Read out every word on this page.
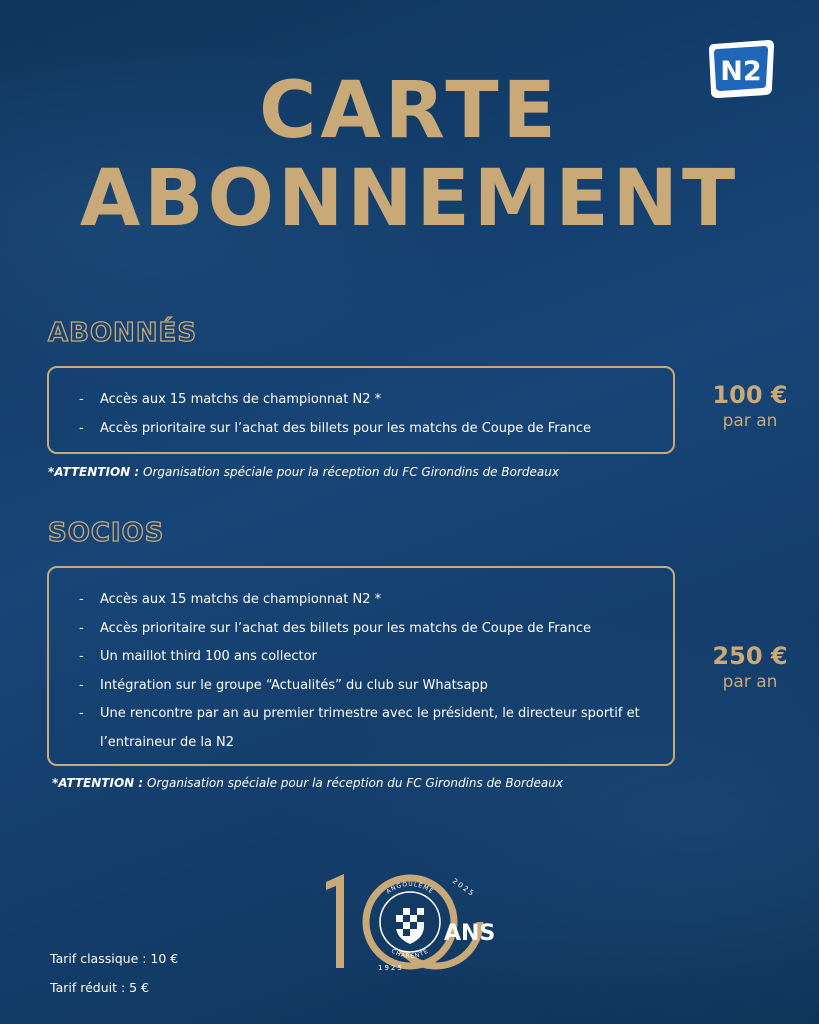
CARTE
ABONNEMENT
N2
ABONNÉS
-	Accès aux 15 matchs de championnat N2 *
-	Accès prioritaire sur l’achat des billets pour les matchs de Coupe de France
100 €
par an
*ATTENTION : Organisation spéciale pour la réception du FC Girondins de Bordeaux
SOCIOS
-	Accès aux 15 matchs de championnat N2 *
-	Accès prioritaire sur l’achat des billets pour les matchs de Coupe de France
-	Un maillot third 100 ans collector
-	Intégration sur le groupe “Actualités” du club sur Whatsapp
-	Une rencontre par an au premier trimestre avec le président, le directeur sportif et l’entraineur de la N2
250 €
par an
*ATTENTION : Organisation spéciale pour la réception du FC Girondins de Bordeaux
ANGOULÊME
CHARENTE
1925
2025
ANS
Tarif classique : 10 €
Tarif réduit : 5 €
